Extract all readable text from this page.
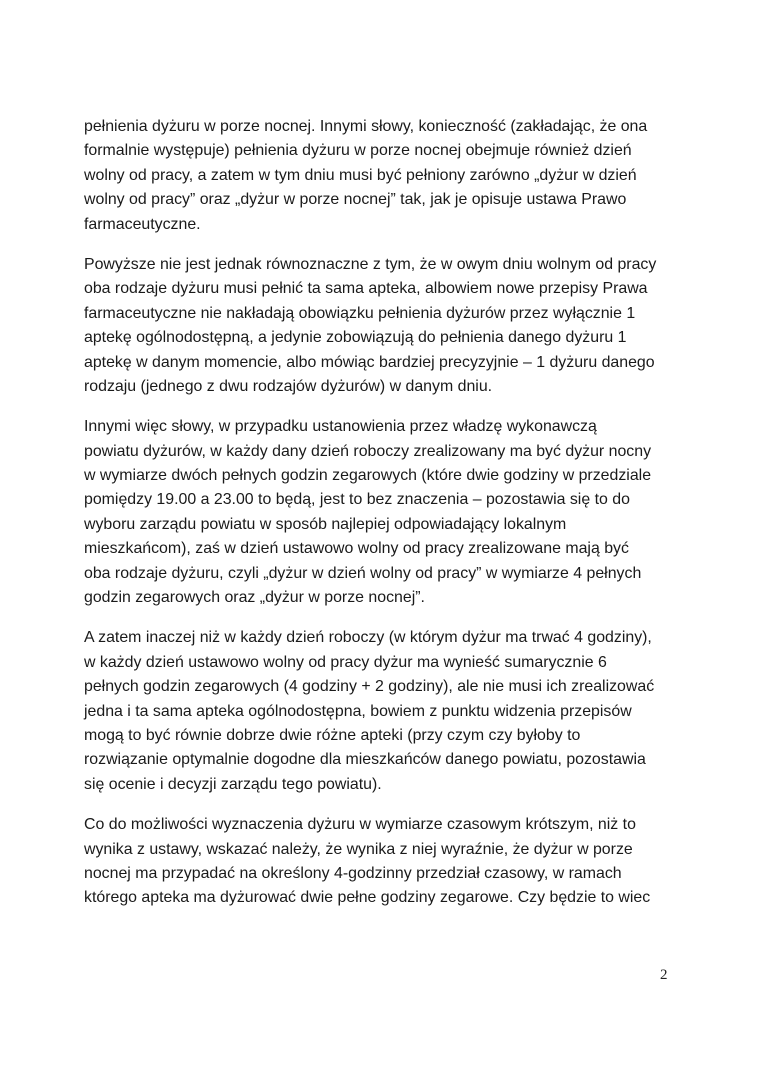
pełnienia dyżuru w porze nocnej. Innymi słowy, konieczność (zakładając, że ona
formalnie występuje) pełnienia dyżuru w porze nocnej obejmuje również dzień
wolny od pracy, a zatem w tym dniu musi być pełniony zarówno „dyżur w dzień
wolny od pracy” oraz „dyżur w porze nocnej” tak, jak je opisuje ustawa Prawo
farmaceutyczne.

Powyższe nie jest jednak równoznaczne z tym, że w owym dniu wolnym od pracy
oba rodzaje dyżuru musi pełnić ta sama apteka, albowiem nowe przepisy Prawa
farmaceutyczne nie nakładają obowiązku pełnienia dyżurów przez wyłącznie 1
aptekę ogólnodostępną, a jedynie zobowiązują do pełnienia danego dyżuru 1
aptekę w danym momencie, albo mówiąc bardziej precyzyjnie – 1 dyżuru danego
rodzaju (jednego z dwu rodzajów dyżurów) w danym dniu.

Innymi więc słowy, w przypadku ustanowienia przez władzę wykonawczą
powiatu dyżurów, w każdy dany dzień roboczy zrealizowany ma być dyżur nocny
w wymiarze dwóch pełnych godzin zegarowych (które dwie godziny w przedziale
pomiędzy 19.00 a 23.00 to będą, jest to bez znaczenia – pozostawia się to do
wyboru zarządu powiatu w sposób najlepiej odpowiadający lokalnym
mieszkańcom), zaś w dzień ustawowo wolny od pracy zrealizowane mają być
oba rodzaje dyżuru, czyli „dyżur w dzień wolny od pracy” w wymiarze 4 pełnych
godzin zegarowych oraz „dyżur w porze nocnej”.

A zatem inaczej niż w każdy dzień roboczy (w którym dyżur ma trwać 4 godziny),
w każdy dzień ustawowo wolny od pracy dyżur ma wynieść sumarycznie 6
pełnych godzin zegarowych (4 godziny + 2 godziny), ale nie musi ich zrealizować
jedna i ta sama apteka ogólnodostępna, bowiem z punktu widzenia przepisów
mogą to być równie dobrze dwie różne apteki (przy czym czy byłoby to
rozwiązanie optymalnie dogodne dla mieszkańców danego powiatu, pozostawia
się ocenie i decyzji zarządu tego powiatu).

Co do możliwości wyznaczenia dyżuru w wymiarze czasowym krótszym, niż to
wynika z ustawy, wskazać należy, że wynika z niej wyraźnie, że dyżur w porze
nocnej ma przypadać na określony 4-godzinny przedział czasowy, w ramach
którego apteka ma dyżurować dwie pełne godziny zegarowe. Czy będzie to wiec

2
